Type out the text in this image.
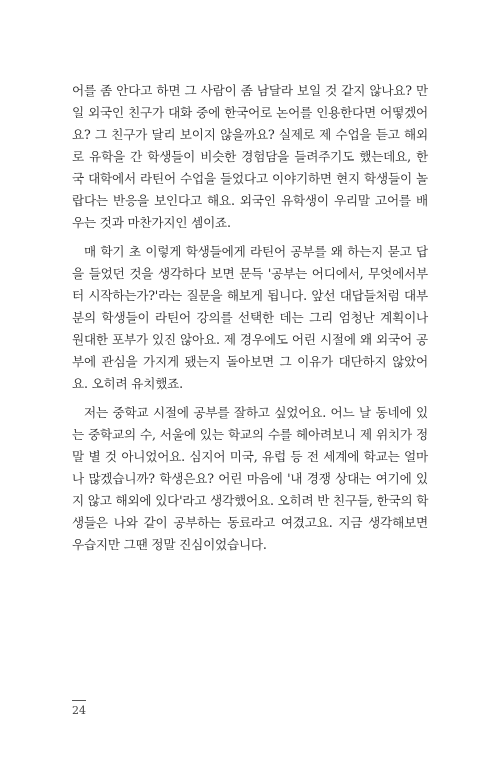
어를 좀 안다고 하면 그 사람이 좀 남달라 보일 것 같지 않나요? 만
일 외국인 친구가 대화 중에 한국어로 논어를 인용한다면 어떻겠어
요? 그 친구가 달리 보이지 않을까요? 실제로 제 수업을 듣고 해외
로 유학을 간 학생들이 비슷한 경험담을 들려주기도 했는데요, 한
국 대학에서 라틴어 수업을 들었다고 이야기하면 현지 학생들이 놀
랍다는 반응을 보인다고 해요. 외국인 유학생이 우리말 고어를 배
우는 것과 마찬가지인 셈이죠.
매 학기 초 이렇게 학생들에게 라틴어 공부를 왜 하는지 묻고 답
을 들었던 것을 생각하다 보면 문득 '공부는 어디에서, 무엇에서부
터 시작하는가?'라는 질문을 해보게 됩니다. 앞선 대답들처럼 대부
분의 학생들이 라틴어 강의를 선택한 데는 그리 엄청난 계획이나
원대한 포부가 있진 않아요. 제 경우에도 어린 시절에 왜 외국어 공
부에 관심을 가지게 됐는지 돌아보면 그 이유가 대단하지 않았어
요. 오히려 유치했죠.
저는 중학교 시절에 공부를 잘하고 싶었어요. 어느 날 동네에 있
는 중학교의 수, 서울에 있는 학교의 수를 헤아려보니 제 위치가 정
말 별 것 아니었어요. 심지어 미국, 유럽 등 전 세계에 학교는 얼마
나 많겠습니까? 학생은요? 어린 마음에 '내 경쟁 상대는 여기에 있
지 않고 해외에 있다'라고 생각했어요. 오히려 반 친구들, 한국의 학
생들은 나와 같이 공부하는 동료라고 여겼고요. 지금 생각해보면
우습지만 그땐 정말 진심이었습니다.
24
